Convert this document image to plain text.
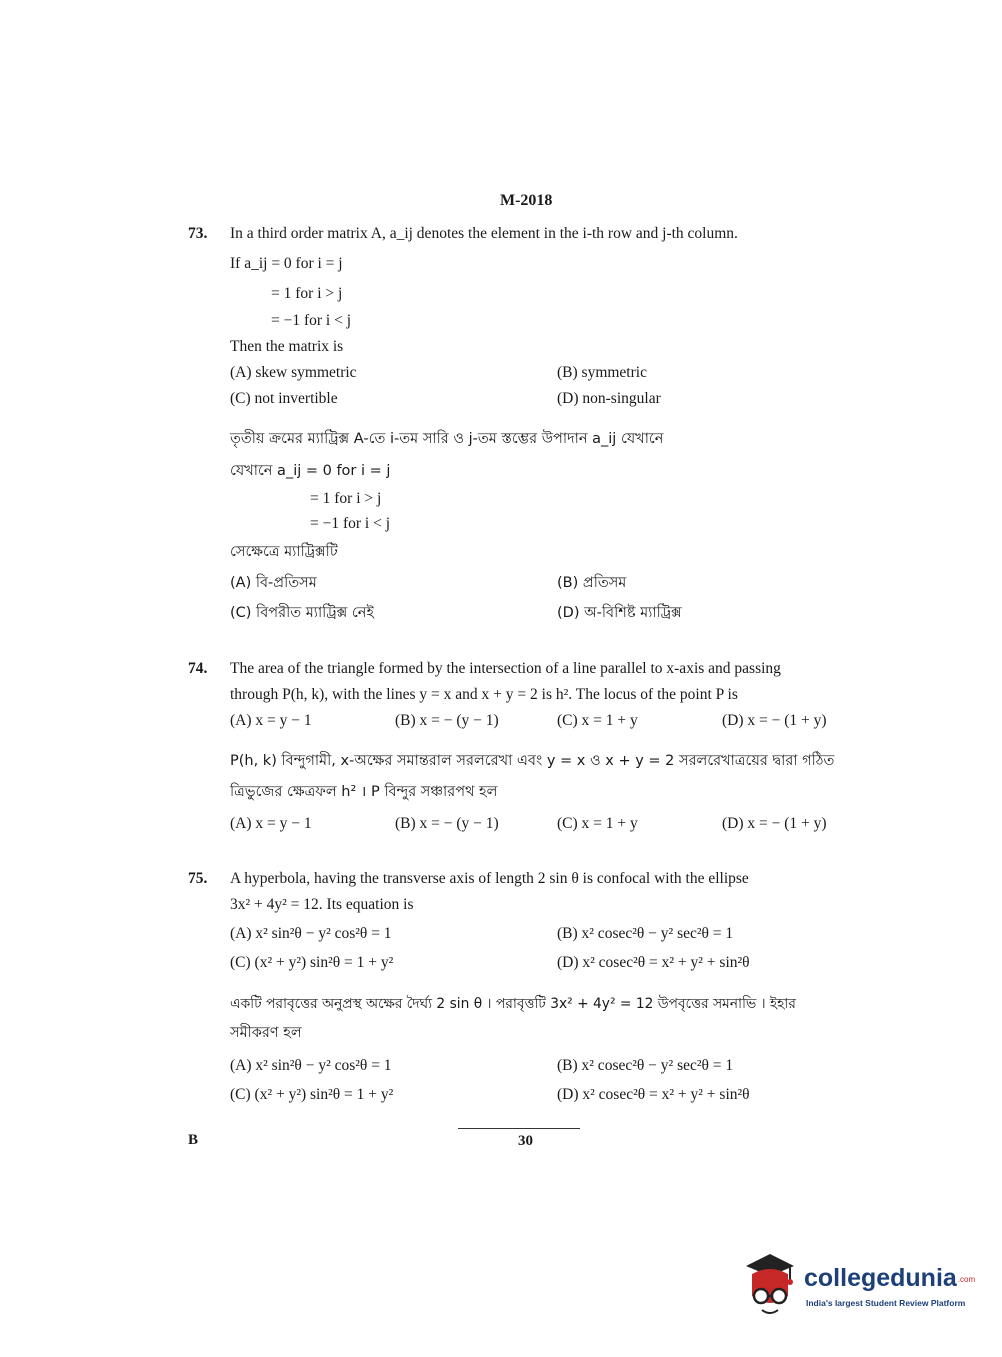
M-2018
73. In a third order matrix A, a_ij denotes the element in the i-th row and j-th column.
If a_ij = 0 for i = j
= 1 for i > j
= −1 for i < j
Then the matrix is
(A) skew symmetric	(B) symmetric
(C) not invertible	(D) non-singular
তৃতীয় ক্রমের ম্যাট্রিক্স A-তে i-তম সারি ও j-তম স্তম্ভের উপাদান a_ij যেখানে
যেখানে a_ij = 0 for i = j
= 1 for i > j
= −1 for i < j
সেক্ষেত্রে ম্যাট্রিক্সটি
(A) বি-প্রতিসম	(B) প্রতিসম
(C) বিপরীত ম্যাট্রিক্স নেই	(D) অ-বিশিষ্ট ম্যাট্রিক্স
74. The area of the triangle formed by the intersection of a line parallel to x-axis and passing
through P(h, k), with the lines y = x and x + y = 2 is h². The locus of the point P is
(A) x = y − 1	(B) x = − (y − 1)	(C) x = 1 + y	(D) x = − (1 + y)
P(h, k) বিন্দুগামী, x-অক্ষের সমান্তরাল সরলরেখা এবং y = x ও x + y = 2 সরলরেখাত্রয়ের দ্বারা গঠিত
ত্রিভুজের ক্ষেত্রফল h² । P বিন্দুর সঞ্চারপথ হল
(A) x = y − 1	(B) x = − (y − 1)	(C) x = 1 + y	(D) x = − (1 + y)
75. A hyperbola, having the transverse axis of length 2 sin θ is confocal with the ellipse
3x² + 4y² = 12. Its equation is
(A) x² sin²θ − y² cos²θ = 1	(B) x² cosec²θ − y² sec²θ = 1
(C) (x² + y²) sin²θ = 1 + y²	(D) x² cosec²θ = x² + y² + sin²θ
একটি পরাবৃত্তের অনুপ্রস্থ অক্ষের দৈর্ঘ্য 2 sin θ । পরাবৃত্তটি 3x² + 4y² = 12 উপবৃত্তের সমনাভি । ইহার
সমীকরণ হল
(A) x² sin²θ − y² cos²θ = 1	(B) x² cosec²θ − y² sec²θ = 1
(C) (x² + y²) sin²θ = 1 + y²	(D) x² cosec²θ = x² + y² + sin²θ
B	30
collegedunia.com
India's largest Student Review Platform
